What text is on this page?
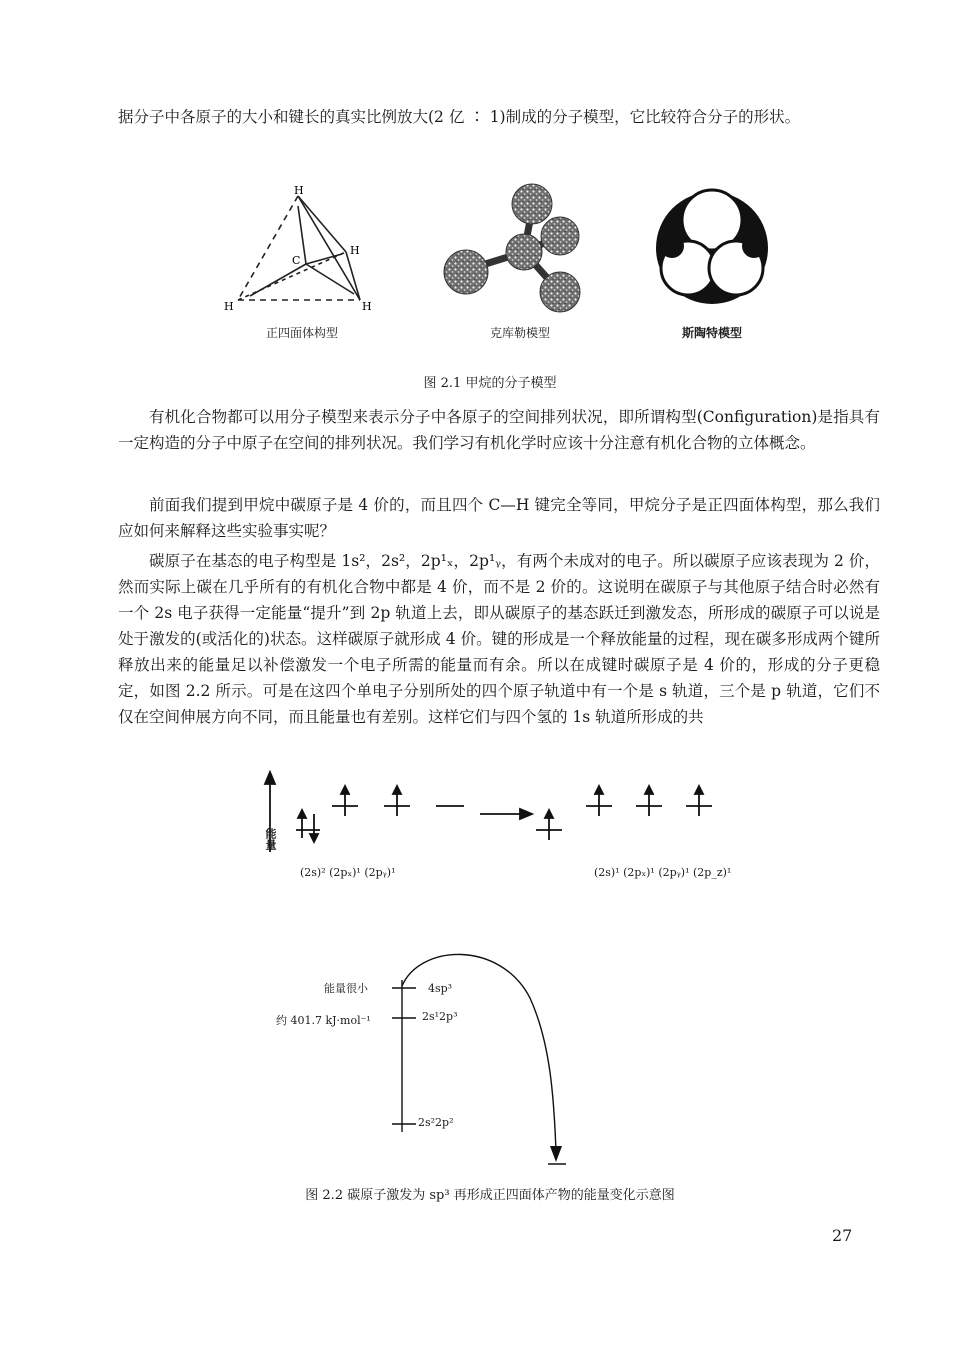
据分子中各原子的大小和键长的真实比例放大(2 亿 ∶ 1)制成的分子模型，它比较符合分子的形状。

H
C
H
H	H
正四面体构型	克库勒模型	斯陶特模型
图 2.1 甲烷的分子模型

有机化合物都可以用分子模型来表示分子中各原子的空间排列状况，即所谓构型(Configuration)是指具有一定构造的分子中原子在空间的排列状况。我们学习有机化学时应该十分注意有机化合物的立体概念。

前面我们提到甲烷中碳原子是 4 价的，而且四个 C—H 键完全等同，甲烷分子是正四面体构型，那么我们应如何来解释这些实验事实呢？

碳原子在基态的电子构型是 1s²，2s²，2p¹ₓ，2p¹ᵧ，有两个未成对的电子。所以碳原子应该表现为 2 价，然而实际上碳在几乎所有的有机化合物中都是 4 价，而不是 2 价的。这说明在碳原子与其他原子结合时必然有一个 2s 电子获得一定能量“提升”到 2p 轨道上去，即从碳原子的基态跃迁到激发态，所形成的碳原子可以说是处于激发的(或活化的)状态。这样碳原子就形成 4 价。键的形成是一个释放能量的过程，现在碳多形成两个键所释放出来的能量足以补偿激发一个电子所需的能量而有余。所以在成键时碳原子是 4 价的，形成的分子更稳定，如图 2.2 所示。可是在这四个单电子分别所处的四个原子轨道中有一个是 s 轨道，三个是 p 轨道，它们不仅在空间伸展方向不同，而且能量也有差别。这样它们与四个氢的 1s 轨道所形成的共

能量
(2s)² (2pₓ)¹ (2pᵧ)¹	(2s)¹ (2pₓ)¹ (2pᵧ)¹ (2p_z)¹
能量很小
约 401.7 kJ·mol⁻¹
4sp³
2s¹2p³
2s²2p²
图 2.2 碳原子激发为 sp³ 再形成正四面体产物的能量变化示意图
27
